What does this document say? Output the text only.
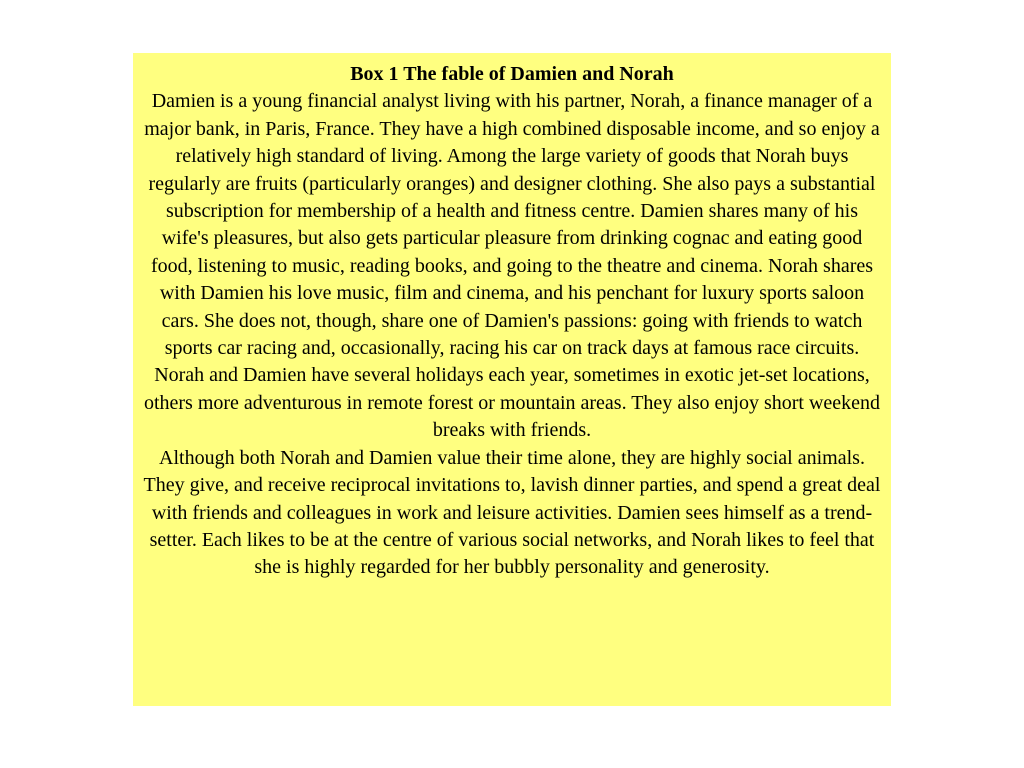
Box 1 The fable of Damien and Norah

Damien is a young financial analyst living with his partner, Norah, a finance manager of a major bank, in Paris, France. They have a high combined disposable income, and so enjoy a relatively high standard of living. Among the large variety of goods that Norah buys regularly are fruits (particularly oranges) and designer clothing. She also pays a substantial subscription for membership of a health and fitness centre. Damien shares many of his wife's pleasures, but also gets particular pleasure from drinking cognac and eating good food, listening to music, reading books, and going to the theatre and cinema. Norah shares with Damien his love music, film and cinema, and his penchant for luxury sports saloon cars. She does not, though, share one of Damien's passions: going with friends to watch sports car racing and, occasionally, racing his car on track days at famous race circuits. Norah and Damien have several holidays each year, sometimes in exotic jet-set locations, others more adventurous in remote forest or mountain areas. They also enjoy short weekend breaks with friends.

Although both Norah and Damien value their time alone, they are highly social animals. They give, and receive reciprocal invitations to, lavish dinner parties, and spend a great deal with friends and colleagues in work and leisure activities. Damien sees himself as a trend-setter. Each likes to be at the centre of various social networks, and Norah likes to feel that she is highly regarded for her bubbly personality and generosity.
